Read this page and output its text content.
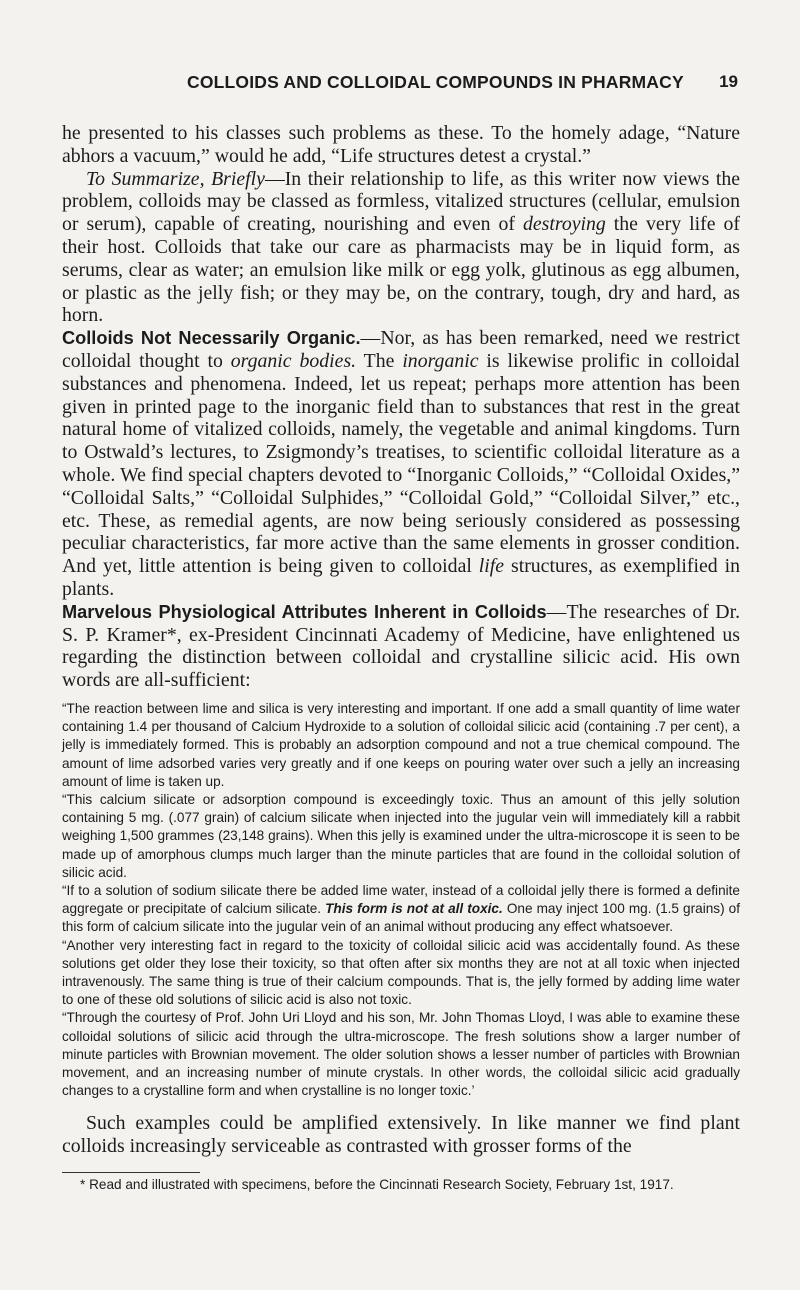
COLLOIDS AND COLLOIDAL COMPOUNDS IN PHARMACY 19

he presented to his classes such problems as these. To the homely adage, “Nature abhors a vacuum,” would he add, “Life structures detest a crystal.”

To Summarize, Briefly—In their relationship to life, as this writer now views the problem, colloids may be classed as formless, vitalized structures (cellular, emulsion or serum), capable of creating, nourishing and even of destroying the very life of their host. Colloids that take our care as pharmacists may be in liquid form, as serums, clear as water; an emulsion like milk or egg yolk, glutinous as egg albumen, or plastic as the jelly fish; or they may be, on the contrary, tough, dry and hard, as horn.

Colloids Not Necessarily Organic.—Nor, as has been remarked, need we restrict colloidal thought to organic bodies. The inorganic is likewise prolific in colloidal substances and phenomena. Indeed, let us repeat; perhaps more attention has been given in printed page to the inorganic field than to substances that rest in the great natural home of vitalized colloids, namely, the vegetable and animal kingdoms. Turn to Ostwald’s lectures, to Zsigmondy’s treatises, to scientific colloidal literature as a whole. We find special chapters devoted to “Inorganic Colloids,” “Colloidal Oxides,” “Colloidal Salts,” “Colloidal Sulphides,” “Colloidal Gold,” “Colloidal Silver,” etc., etc. These, as remedial agents, are now being seriously considered as possessing peculiar characteristics, far more active than the same elements in grosser condition. And yet, little attention is being given to colloidal life structures, as exemplified in plants.

Marvelous Physiological Attributes Inherent in Colloids—The researches of Dr. S. P. Kramer*, ex-President Cincinnati Academy of Medicine, have enlightened us regarding the distinction between colloidal and crystalline silicic acid. His own words are all-sufficient:

“The reaction between lime and silica is very interesting and important. If one add a small quantity of lime water containing 1.4 per thousand of Calcium Hydroxide to a solution of colloidal silicic acid (containing .7 per cent), a jelly is immediately formed. This is probably an adsorption compound and not a true chemical compound. The amount of lime adsorbed varies very greatly and if one keeps on pouring water over such a jelly an increasing amount of lime is taken up.

“This calcium silicate or adsorption compound is exceedingly toxic. Thus an amount of this jelly solution containing 5 mg. (.077 grain) of calcium silicate when injected into the jugular vein will immediately kill a rabbit weighing 1,500 grammes (23,148 grains). When this jelly is examined under the ultra-microscope it is seen to be made up of amorphous clumps much larger than the minute particles that are found in the colloidal solution of silicic acid.

“If to a solution of sodium silicate there be added lime water, instead of a colloidal jelly there is formed a definite aggregate or precipitate of calcium silicate. This form is not at all toxic. One may inject 100 mg. (1.5 grains) of this form of calcium silicate into the jugular vein of an animal without producing any effect whatsoever.

“Another very interesting fact in regard to the toxicity of colloidal silicic acid was accidentally found. As these solutions get older they lose their toxicity, so that often after six months they are not at all toxic when injected intravenously. The same thing is true of their calcium compounds. That is, the jelly formed by adding lime water to one of these old solutions of silicic acid is also not toxic.

“Through the courtesy of Prof. John Uri Lloyd and his son, Mr. John Thomas Lloyd, I was able to examine these colloidal solutions of silicic acid through the ultra-microscope. The fresh solutions show a larger number of minute particles with Brownian movement. The older solution shows a lesser number of particles with Brownian movement, and an increasing number of minute crystals. In other words, the colloidal silicic acid gradually changes to a crystalline form and when crystalline is no longer toxic.’

Such examples could be amplified extensively. In like manner we find plant colloids increasingly serviceable as contrasted with grosser forms of the

* Read and illustrated with specimens, before the Cincinnati Research Society, February 1st, 1917.
